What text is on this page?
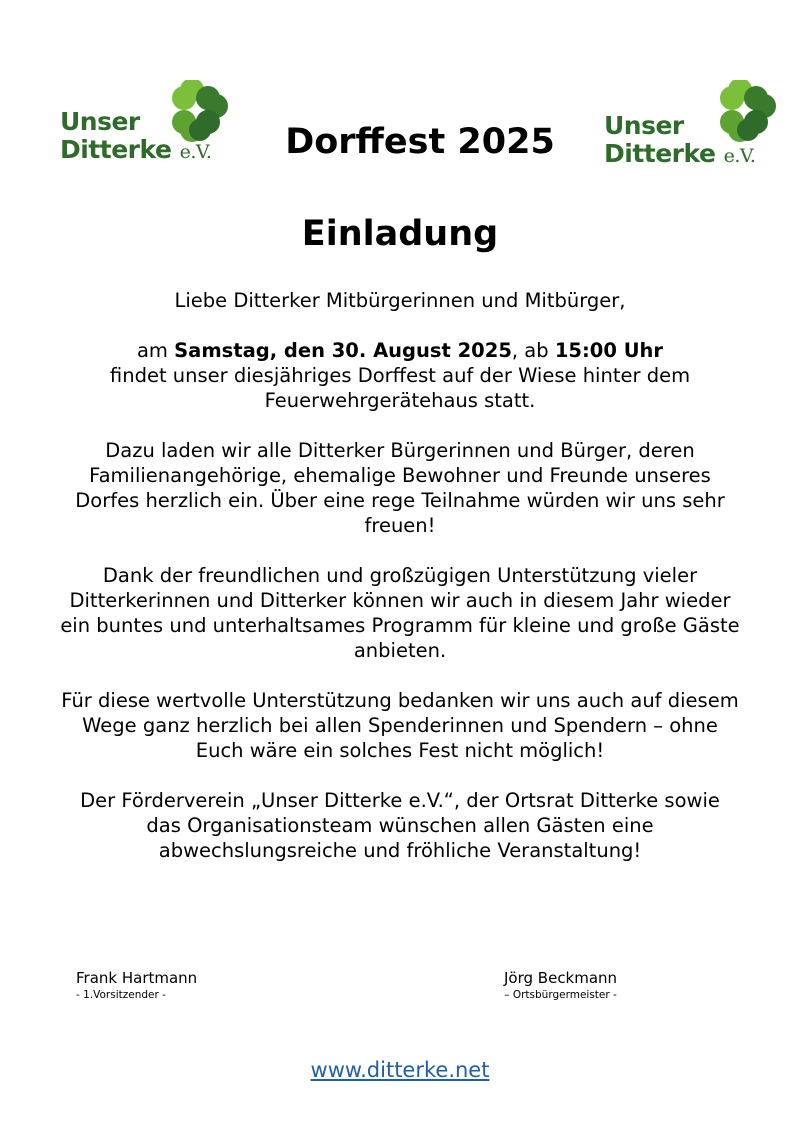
Unser
Ditterke e.V.	Dorffest 2025	Unser
Ditterke e.V.
Einladung

Liebe Ditterker Mitbürgerinnen und Mitbürger,

am Samstag, den 30. August 2025, ab 15:00 Uhr
findet unser diesjähriges Dorffest auf der Wiese hinter dem Feuerwehrgerätehaus statt.

Dazu laden wir alle Ditterker Bürgerinnen und Bürger, deren Familienangehörige, ehemalige Bewohner und Freunde unseres Dorfes herzlich ein. Über eine rege Teilnahme würden wir uns sehr freuen!

Dank der freundlichen und großzügigen Unterstützung vieler Ditterkerinnen und Ditterker können wir auch in diesem Jahr wieder ein buntes und unterhaltsames Programm für kleine und große Gäste anbieten.

Für diese wertvolle Unterstützung bedanken wir uns auch auf diesem Wege ganz herzlich bei allen Spenderinnen und Spendern – ohne Euch wäre ein solches Fest nicht möglich!

Der Förderverein „Unser Ditterke e.V.“, der Ortsrat Ditterke sowie das Organisationsteam wünschen allen Gästen eine abwechslungsreiche und fröhliche Veranstaltung!

Frank Hartmann
- 1.Vorsitzender -
Jörg Beckmann
– Ortsbürgermeister -
www.ditterke.net
